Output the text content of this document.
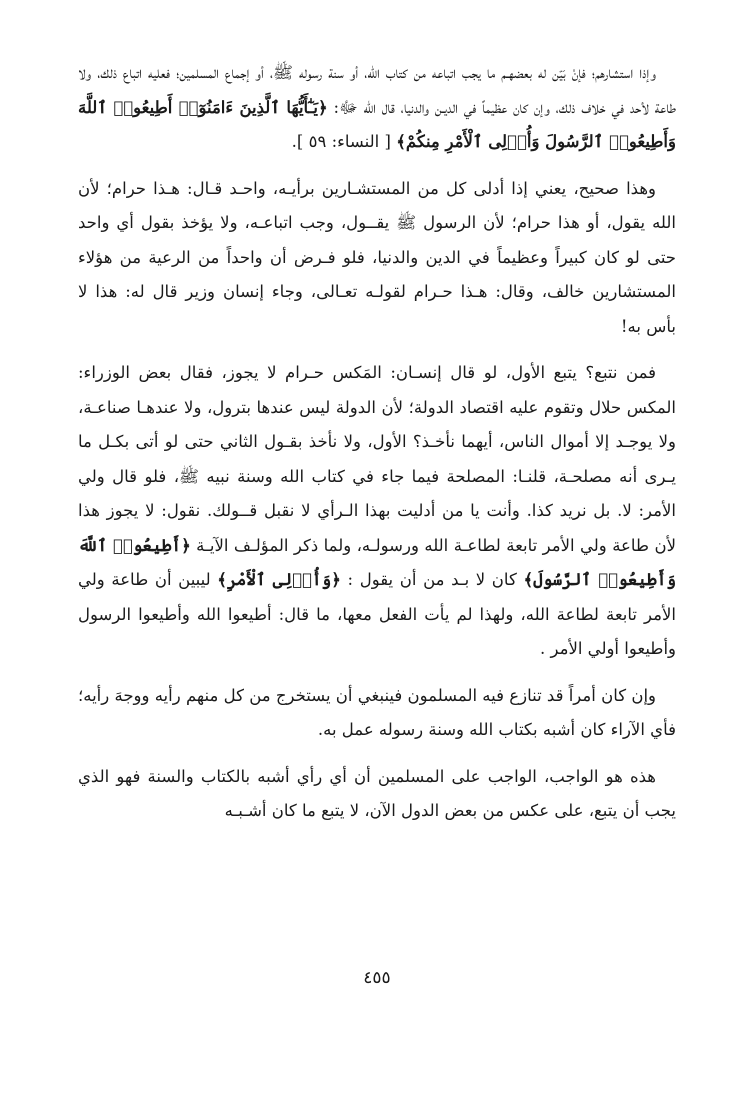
وإذا استشارهم؛ فإنْ بَيّن له بعضهـم ما يجب اتباعه من كتاب الله، أو سنة رسوله ﷺ، أو إجماع المسلمين؛ فعليه اتباع ذلك، ولا طاعة لأحد في خلاف ذلك، وإن كان عظيماً في الديـن والدنيا، قال الله ﷻ: ﴿يَـٰٓأَيُّهَا ٱلَّذِينَ ءَامَنُوٓا۟ أَطِيعُوا۟ ٱللَّهَ وَأَطِيعُوا۟ ٱلرَّسُولَ وَأُو۟لِى ٱلْأَمْرِ مِنكُمْ﴾ [ النساء: ٥٩ ].

وهذا صحيح، يعني إذا أدلى كل من المستشـارين برأيـه، واحـد قـال: هـذا حرام؛ لأن الله يقول، أو هذا حرام؛ لأن الرسول ﷺ يقــول، وجب اتباعـه، ولا يؤخذ بقول أي واحد حتى لو كان كبيراً وعظيماً في الدين والدنيا، فلو فـرض أن واحداً من الرعية من هؤلاء المستشارين خالف، وقال: هـذا حـرام لقولـه تعـالى، وجاء إنسان وزير قال له: هذا لا بأس به!

فمن نتبع؟ يتبع الأول، لو قال إنسـان: المَكس حـرام لا يجوز، فقال بعض الوزراء: المكس حلال وتقوم عليه اقتصاد الدولة؛ لأن الدولة ليس عندها بترول، ولا عندهـا صناعـة، ولا يوجـد إلا أموال الناس، أيهما نأخـذ؟ الأول، ولا نأخذ بقـول الثاني حتى لو أتى بكـل ما يـرى أنه مصلحـة، قلنـا: المصلحة فيما جاء في كتاب الله وسنة نبيه ﷺ، فلو قال ولي الأمر: لا. بل نريد كذا. وأنت يا من أدليت بهذا الـرأي لا نقبل قــولك. نقول: لا يجوز هذا لأن طاعة ولي الأمر تابعة لطاعـة الله ورسولـه، ولما ذكر المؤلـف الآيـة ﴿أَطِيعُوا۟ ٱللَّهَ وَأَطِيعُوا۟ ٱلرَّسُولَ﴾ كان لا بـد من أن يقول : ﴿وَأُو۟لِى ٱلْأَمْرِ﴾ ليبين أن طاعة ولي الأمر تابعة لطاعة الله، ولهذا لم يأت الفعل معها، ما قال: أطيعوا الله وأطيعوا الرسول وأطيعوا أولي الأمر .

وإن كان أمراً قد تنازع فيه المسلمون فينبغي أن يستخرج من كل منهم رأيه ووجهَ رأيه؛ فأي الآراء كان أشبه بكتاب الله وسنة رسوله عمل به.

هذه هو الواجب، الواجب على المسلمين أن أي رأي أشبه بالكتاب والسنة فهو الذي يجب أن يتبع، على عكس من بعض الدول الآن، لا يتبع ما كان أشـبـه

٤٥٥
